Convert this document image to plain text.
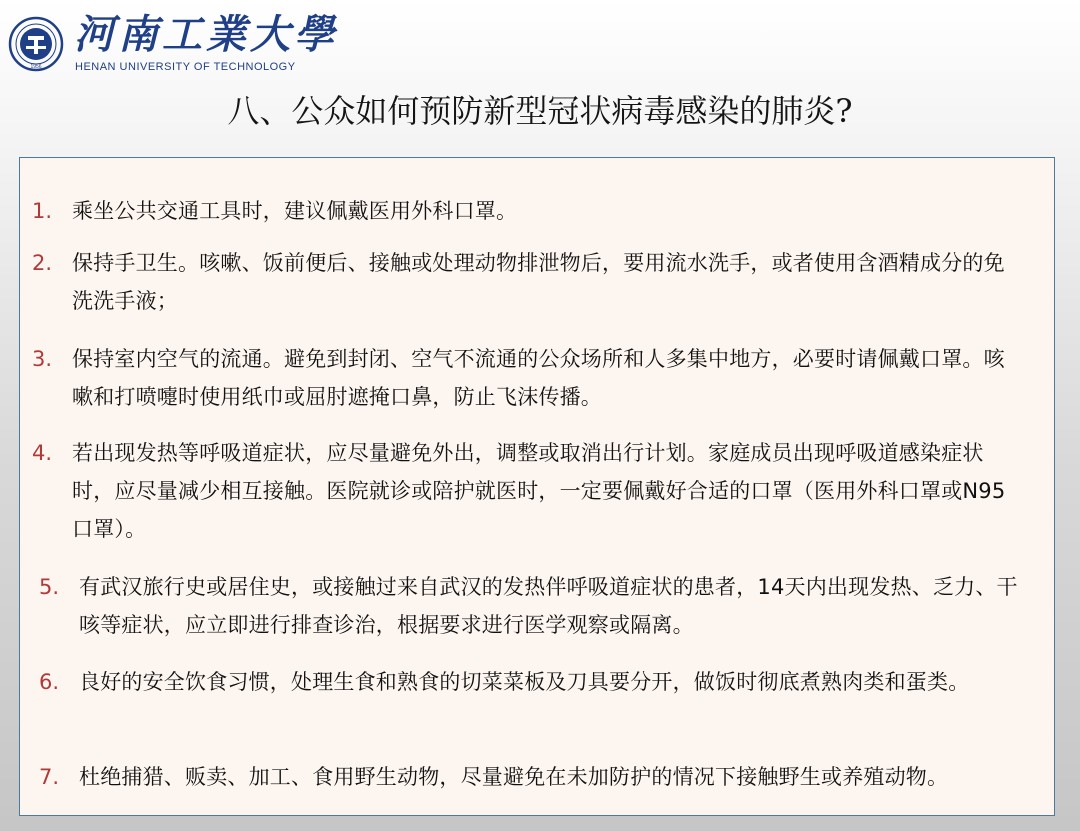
1956
河南工業大學
HENAN UNIVERSITY OF TECHNOLOGY
八、公众如何预防新型冠状病毒感染的肺炎?
1. 乘坐公共交通工具时，建议佩戴医用外科口罩。
2. 保持手卫生。咳嗽、饭前便后、接触或处理动物排泄物后，要用流水洗手，或者使用含酒精成分的免洗洗手液；
3. 保持室内空气的流通。避免到封闭、空气不流通的公众场所和人多集中地方，必要时请佩戴口罩。咳嗽和打喷嚏时使用纸巾或屈肘遮掩口鼻，防止飞沫传播。
4. 若出现发热等呼吸道症状，应尽量避免外出，调整或取消出行计划。家庭成员出现呼吸道感染症状时，应尽量减少相互接触。医院就诊或陪护就医时，一定要佩戴好合适的口罩（医用外科口罩或N95口罩）。
5. 有武汉旅行史或居住史，或接触过来自武汉的发热伴呼吸道症状的患者，14天内出现发热、乏力、干咳等症状，应立即进行排查诊治，根据要求进行医学观察或隔离。
6. 良好的安全饮食习惯，处理生食和熟食的切菜菜板及刀具要分开，做饭时彻底煮熟肉类和蛋类。
7. 杜绝捕猎、贩卖、加工、食用野生动物，尽量避免在未加防护的情况下接触野生或养殖动物。
